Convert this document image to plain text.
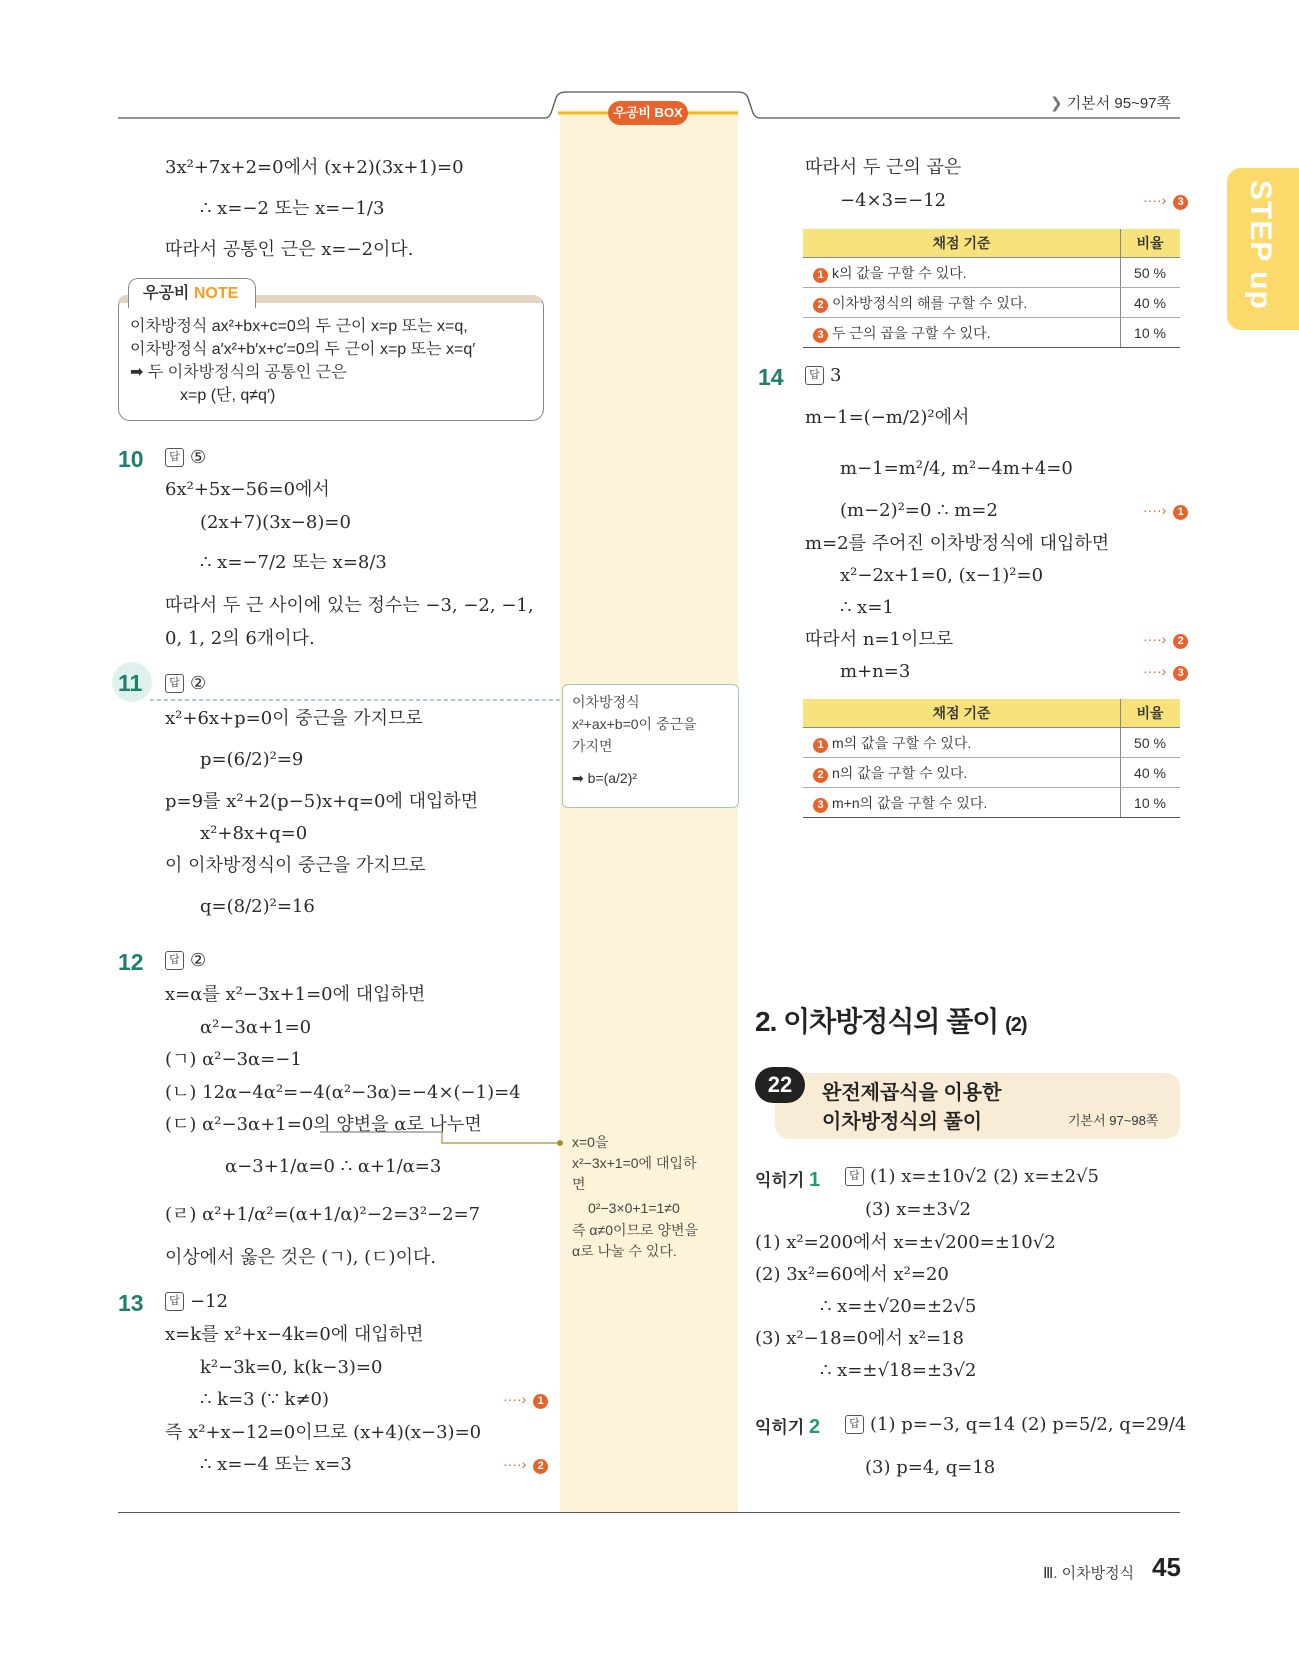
우공비 BOX
❯ 기본서 95~97쪽
STEP up
3x²+7x+2=0에서 (x+2)(3x+1)=0
∴ x=−2 또는 x=−1/3
따라서 공통인 근은 x=−2이다.
우공비 NOTE
이차방정식 ax²+bx+c=0의 두 근이 x=p 또는 x=q,
이차방정식 a′x²+b′x+c′=0의 두 근이 x=p 또는 x=q′
➡ 두 이차방정식의 공통인 근은
x=p (단, q≠q′)
10	답 ⑤
6x²+5x−56=0에서
(2x+7)(3x−8)=0
∴ x=−7/2 또는 x=8/3
따라서 두 근 사이에 있는 정수는 −3, −2, −1,
0, 1, 2의 6개이다.
11	답 ②
x²+6x+p=0이 중근을 가지므로
p=(6/2)²=9
p=9를 x²+2(p−5)x+q=0에 대입하면
x²+8x+q=0
이 이차방정식이 중근을 가지므로
q=(8/2)²=16
12	답 ②
x=α를 x²−3x+1=0에 대입하면
α²−3α+1=0
(ㄱ) α²−3α=−1
(ㄴ) 12α−4α²=−4(α²−3α)=−4×(−1)=4
(ㄷ) α²−3α+1=0의 양변을 α로 나누면
α−3+1/α=0 ∴ α+1/α=3
(ㄹ) α²+1/α²=(α+1/α)²−2=3²−2=7
이상에서 옳은 것은 (ㄱ), (ㄷ)이다.
13	답 −12
x=k를 x²+x−4k=0에 대입하면
k²−3k=0, k(k−3)=0
∴ k=3 (∵ k≠0)	····› 1
즉 x²+x−12=0이므로 (x+4)(x−3)=0
∴ x=−4 또는 x=3	····› 2
이차방정식
x²+ax+b=0이 중근을
가지면
➡ b=(a/2)²
x=0을
x²−3x+1=0에 대입하
면
0²−3×0+1=1≠0
즉 α≠0이므로 양변을
α로 나눌 수 있다.
따라서 두 근의 곱은
−4×3=−12	····› 3
채점 기준	비율
1 k의 값을 구할 수 있다.	50 %
2 이차방정식의 해를 구할 수 있다.	40 %
3 두 근의 곱을 구할 수 있다.	10 %
14	답 3
m−1=(−m/2)²에서
m−1=m²/4, m²−4m+4=0
(m−2)²=0 ∴ m=2	····› 1
m=2를 주어진 이차방정식에 대입하면
x²−2x+1=0, (x−1)²=0
∴ x=1
따라서 n=1이므로	····› 2
m+n=3	····› 3
채점 기준	비율
1 m의 값을 구할 수 있다.	50 %
2 n의 값을 구할 수 있다.	40 %
3 m+n의 값을 구할 수 있다.	10 %
2. 이차방정식의 풀이 (2)
22	완전제곱식을 이용한
이차방정식의 풀이	기본서 97~98쪽
익히기 1	답 (1) x=±10√2 (2) x=±2√5
(3) x=±3√2
(1) x²=200에서 x=±√200=±10√2
(2) 3x²=60에서 x²=20
∴ x=±√20=±2√5
(3) x²−18=0에서 x²=18
∴ x=±√18=±3√2
익히기 2	답 (1) p=−3, q=14 (2) p=5/2, q=29/4
(3) p=4, q=18
Ⅲ. 이차방정식 45
